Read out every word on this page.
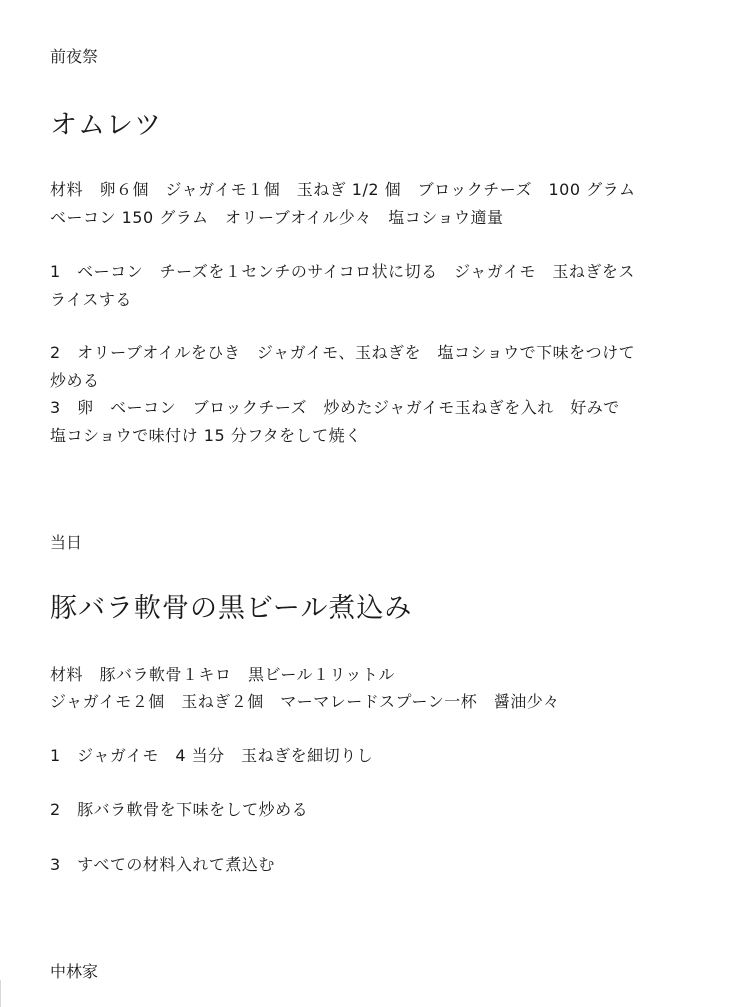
前夜祭
オムレツ
材料　卵６個　ジャガイモ１個　玉ねぎ 1/2 個　ブロックチーズ　100 グラム
ベーコン 150 グラム　オリーブオイル少々　塩コショウ適量
1　ベーコン　チーズを１センチのサイコロ状に切る　ジャガイモ　玉ねぎをス
ライスする
2　オリーブオイルをひき　ジャガイモ、玉ねぎを　塩コショウで下味をつけて
炒める
3　卵　ベーコン　ブロックチーズ　炒めたジャガイモ玉ねぎを入れ　好みで
塩コショウで味付け 15 分フタをして焼く
当日
豚バラ軟骨の黒ビール煮込み
材料　豚バラ軟骨１キロ　黒ビール１リットル
ジャガイモ２個　玉ねぎ２個　マーマレードスプーン一杯　醤油少々
1　ジャガイモ　4 当分　玉ねぎを細切りし
2　豚バラ軟骨を下味をして炒める
3　すべての材料入れて煮込む
中林家
